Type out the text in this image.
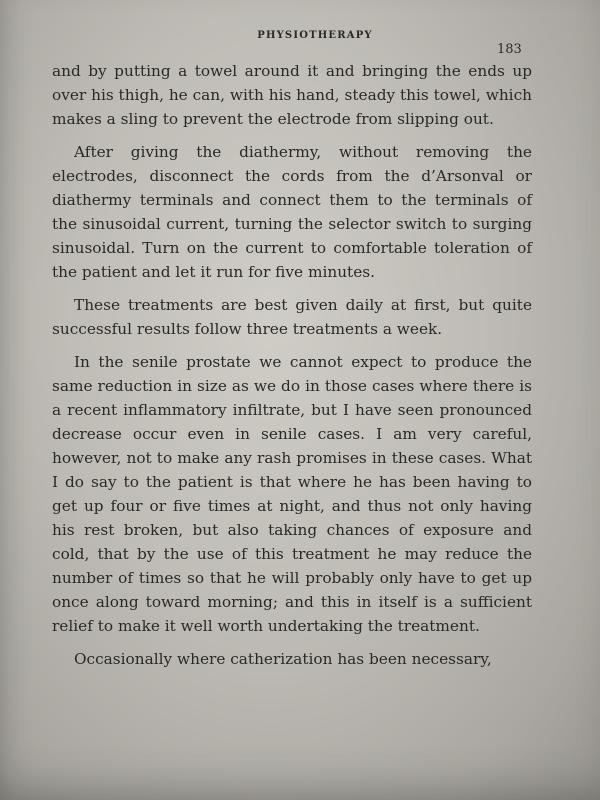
PHYSIOTHERAPY
183

and by putting a towel around it and bringing the ends up over his thigh, he can, with his hand, steady this towel, which makes a sling to prevent the electrode from slipping out.

After giving the diathermy, without removing the electrodes, disconnect the cords from the d’Arsonval or diathermy terminals and connect them to the terminals of the sinusoidal current, turning the selector switch to surging sinusoidal. Turn on the current to comfortable toleration of the patient and let it run for five minutes.

These treatments are best given daily at first, but quite successful results follow three treatments a week.

In the senile prostate we cannot expect to produce the same reduction in size as we do in those cases where there is a recent inflammatory infiltrate, but I have seen pronounced decrease occur even in senile cases. I am very careful, however, not to make any rash promises in these cases. What I do say to the patient is that where he has been having to get up four or five times at night, and thus not only having his rest broken, but also taking chances of exposure and cold, that by the use of this treatment he may reduce the number of times so that he will probably only have to get up once along toward morning; and this in itself is a sufficient relief to make it well worth undertaking the treatment.

Occasionally where catherization has been necessary,
